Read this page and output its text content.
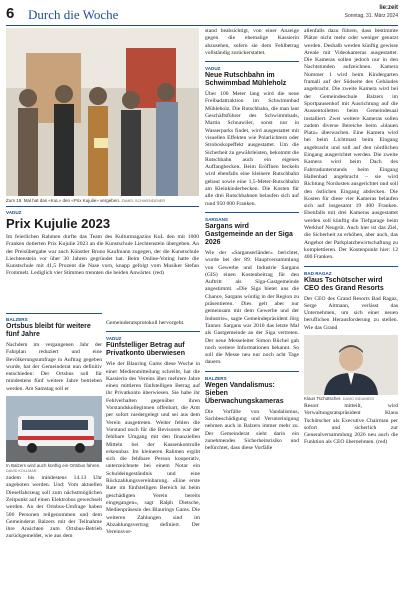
6 Durch die Woche	lie:zeit
Sonntag, 31. März 2024

Zum 19. Mal hat das «KuL» den «Prix Kujulie» vergeben. ZAMEL SCHWENDENER

VADUZ

Prix Kujulie 2023

Im feierlichen Rahmen durfte das Team des Kulturmagazins KuL den mit 1000 Franken dotierten Prix Kujulie 2023 an die Kunstschule Liechtenstein übergeben. An der Preisübergabe war auch Künstler Bruno Kaufmann zugegen, der die Kunstschule Liechtenstein vor über 30 Jahren gegründet hat. Beim Online-Voting hatte die Kunstschule mit 41,5 Prozent die Nase vorn, knapp gefolgt vom Musiker Stefan Frommelt. Lediglich vier Stimmen trennten die beiden Anwärter. (red)

BALZERS

Ortsbus bleibt für weitere fünf Jahre

Nachdem im vergangenen Jahr der Fahrplan reduziert und eine Bevölkerungsumfrage in Auftrag gegeben wurde, hat der Gemeinderat nun definitiv entschieden: Der Ortsbus soll für mindestens fünf weitere Jahre betrieben werden. Am Samstag soll er

In Balzers wird auch künftig ein Ortsbus fahren. DAVID KOLLMAR

zudem bis mindestens 14.13 Uhr angeboten werden. Und: Vom aktuellen Dieselfahrzeug soll zum nächstmöglichen Zeitpunkt auf einen Elektrobus gewechselt werden. An der Ortsbus-Umfrage haben 506 Personen teilgenommen und dem Gemeinderat Balzers mit der Teilnahme ihre Ansichten zum Ortsbus-Betrieb zurückgemeldet, wie aus dem

Gemeinderatsprotokoll hervorgeht.

VADUZ

Fünfstelliger Betrag auf Privatkonto überwiesen

Wie der Blauring Gams diese Woche in einer Medienmitteilung schreibt, hat die Kassierin des Vereins über mehrere Jahre einen mittleren fünfstelligen Betrag auf ihr Privatkonto überwiesen. Sie habe ihr Fehlverhalten gegenüber ihren Vorstandskolleginnen offenbart, die Amt per sofort niedergelegt und sei aus dem Verein ausgetreten. Weiter fehlen die Vorstand noch für die Revisoren war der fehlbare Umgang mit den finanziellen Mitteln bei der Kassenkontrolle erkennbar. Im kleineren Rahmen ergibt sich die fehlbare Person kooperativ, unterzeichnete bei einem Notar ein Schuldeingeständnis und eine Rückzahlungsvereinbarung. «Eine erste Rate im fünfstelligen Bereich ist beim geschädigten Verein bereits eingegangen», sagt Ralph Dietsche, Medienpräsesin des Blaurings Gams. Die weiteren Zahlungen sind im Abzahlungsvertrag definiert. Der Vereinsvor-

stand beabsichtigt, von einer Anzeige gegen die ehemalige Kassierin abzusehen, sofern sie dem Fehlbetrag vollständig zurückerstattet.

VADUZ

Neue Rutschbahn im Schwimmbad Mühleholz

Über 100 Meter lang wird die neue Freibadattraktion im Schwimmbad Mühleholz. Die Rutschbahn, die man laut Geschäftsführer des Schwimmbads, Martin Schnawiler, sonst nur in Wasserparks findet, wird ausgestattet mit visuellen Effekten wie Polarlichtern oder Stroboskopeffekt ausgestattet. Um die Sicherheit zu gewährleisten, bekommt die Rutschbahn auch ein eigenes Auffangbecken. Beim Eröffnen beckeln wird ebenfalls eine kleinere Rutschbahn gebaut sowie eine 1,5-Meter-Rutschbahn am Kleinkinderbecken. Die Kosten für alle drei Rutschbahnen belaufen sich auf rund 950 000 Franken.

SARGANS

Sargans wird Gastgemeinde an der Siga 2026

Wie der «Sarganserländer» berichtet, wurde bei der 89. Hauptversammlung von Gewerbe und Industrie Sargans (GIS) einen Kostenbeitrag für den Auftritt als Siga-Gastgemeinde angestimmt. «Die Siga bietet uns die Chance, Sargans würdig in der Region zu präsentieren. Dies gelt aber nur gemeinsam mit dem Gewerbe und der Industrie», sagte Gemeindepräsident Jörg Tanner. Sargans war 2010 das letzte Mal als Gastgemeinde an der Siga vertreten. Der neue Messeleiter Simon Büchel gab noch weitere Informationen bekannt. So soll die Messe neu nur noch acht Tage dauern.

BALZERS

Wegen Vandalismus: Sieben Überwachungskameras

Die Vorfälle von Vandalismus, Sachbeschädigung und Verunreinigung nehmen auch in Balzers immer mehr zu. Der Gemeinderat sieht darin ein zunehmendes Sicherheitsrisiko und befürchtet, dass diese Vorfälle

allenfalls dazu führen, dass bestimmte Plätze nicht mehr oder weniger genutzt werden. Deshalb werden künftig gewisse Areale mit Videokameras ausgestattet. Die Kameras sollen jedoch nur in den Nachtstunden aufzeichnen. Kamera Nummer 1 wird beim Kindergarten framali auf der Südseite des Gebäudes angebracht. Die zweite Kamera wird bei der Gemeindeschule Balzers im Sportpausenhof mit Ausrichtung auf die Aussentoiletten beim Gemeindesaal installiert. Zwei weitere Kameras sollen zudem diverse Bereiche beim «blauen Platz» überwachen. Eine Kamera wird bei beim Lichtmast beim Eingang angebracht und soll auf den nördlichen Eingang ausgerichtet werden. Die zweite Kamera wird beim Dach des Fahrradunterstands beim Eingang Hallenbad angebracht – sie wird Richtung Nordosten ausgerichtet und soll den östlichen Eingang abdecken. Die Kosten für diese vier Kameras belaufen sich auf insgesamt 19 400 Franken. Ebenfalls mit drei Kameras ausgestattet werden soll künftig die Tiefgarage beim Werkhof Neugrüt. Auch hier ist das Ziel, die Sicherheit zu erhöhen, aber auch, das Angebot der Parkplatzbewirtschaftung zu komplettieren. Der Kostenpunkt hier: 12 400 Franken.

BAD RAGAZ

Klaus Tschütscher wird CEO des Grand Resorts

Der CEO des Grand Resorts Bad Ragaz, Serge Altmann, verlässt das Unternehmen, um sich einer neuen beruflichen Herausforderung zu stellen. Wie das Grand

Klaus Tschütscher. DAVID INDUMEGI

Resort mitteilt, wird Verwaltungsratspräsident Klaus Tschütscher als Executive Chairman per sofort und sicherlich zur Generalversammlung 2026 neu auch die Funktion als CEO übernehmen. (red)
